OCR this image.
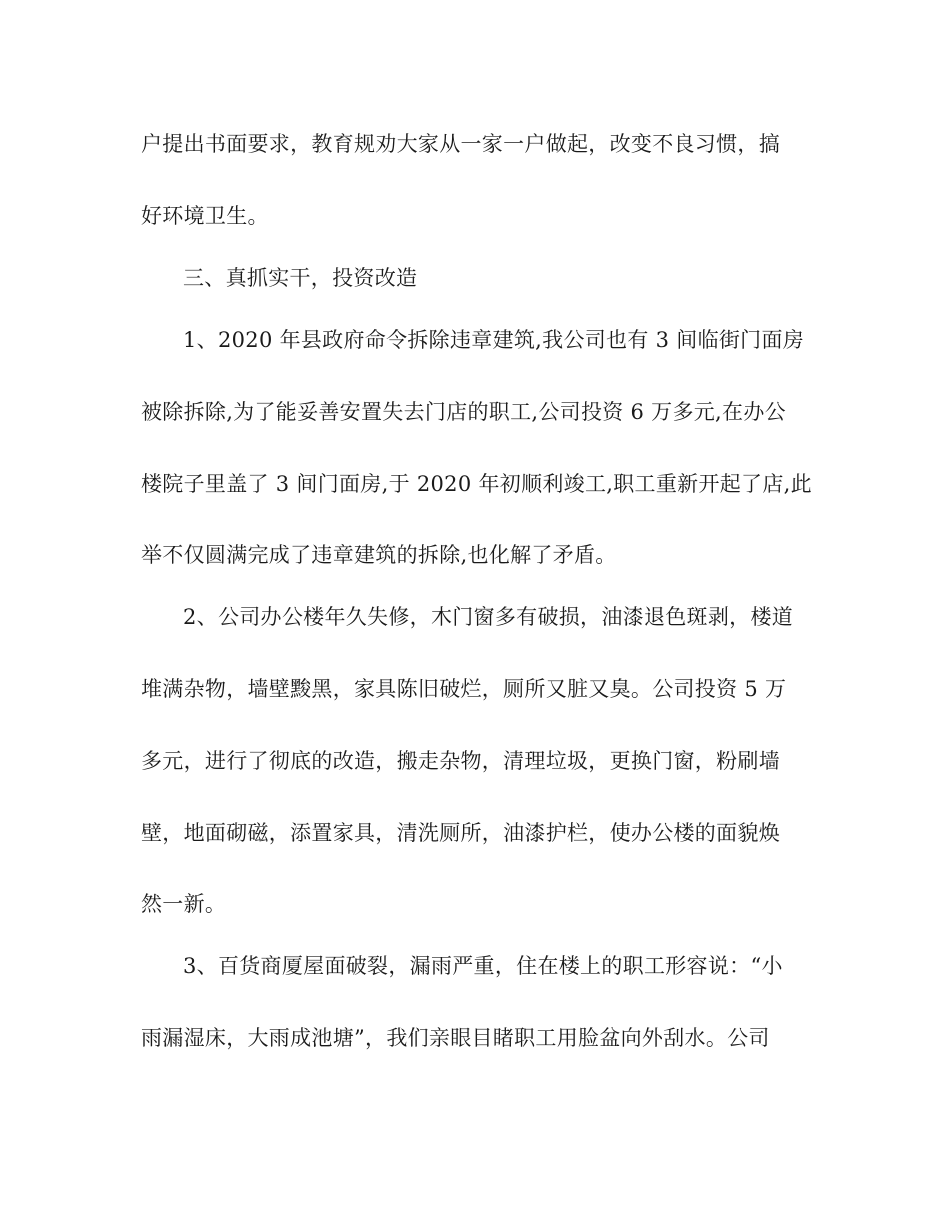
户提出书面要求，教育规劝大家从一家一户做起，改变不良习惯，搞
好环境卫生。
三、真抓实干，投资改造
1、2020 年县政府命令拆除违章建筑,我公司也有 3 间临街门面房
被除拆除,为了能妥善安置失去门店的职工,公司投资 6 万多元,在办公
楼院子里盖了 3 间门面房,于 2020 年初顺利竣工,职工重新开起了店,此
举不仅圆满完成了违章建筑的拆除,也化解了矛盾。
2、公司办公楼年久失修，木门窗多有破损，油漆退色斑剥，楼道
堆满杂物，墙壁黢黑，家具陈旧破烂，厕所又脏又臭。公司投资 5 万
多元，进行了彻底的改造，搬走杂物，清理垃圾，更换门窗，粉刷墙
壁，地面砌磁，添置家具，清洗厕所，油漆护栏，使办公楼的面貌焕
然一新。
3、百货商厦屋面破裂，漏雨严重，住在楼上的职工形容说：“小
雨漏湿床，大雨成池塘”，我们亲眼目睹职工用脸盆向外刮水。公司
